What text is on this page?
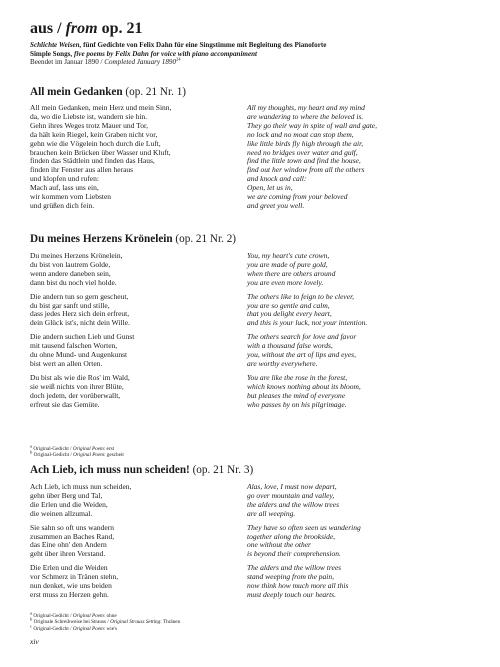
aus / from op. 21
Schlichte Weisen, fünf Gedichte von Felix Dahn für eine Singstimme mit Begleitung des Pianoforte
Simple Songs, five poems by Felix Dahn for voice with piano accompaniment
Beendet im Januar 1890 / Completed January 1890$^{24}$
All mein Gedanken (op. 21 Nr. 1)
All mein Gedanken, mein Herz und mein Sinn,
da, wo die Liebste ist, wandern sie hin.
Gehn ihres Weges trotz Mauer und Tor,
da hält kein Riegel, kein Graben nicht vor,
gehn wie die Vögelein hoch durch die Luft,
brauchen kein Brücken über Wasser und Kluft,
finden das Städtlein und finden das Haus,
finden ihr Fenster aus allen heraus
und klopfen und rufen:
Mach auf, lass uns ein,
wir kommen vom Liebsten
und grüßen dich fein.
All my thoughts, my heart and my mind
are wandering to where the beloved is.
They go their way in spite of wall and gate,
no lock and no moat can stop them,
like little birds fly high through the air,
need no bridges over water and gulf,
find the little town and find the house,
find out her window from all the others
and knock and call:
Open, let us in,
we are coming from your beloved
and greet you well.
Du meines Herzens Krönelein (op. 21 Nr. 2)
Du meines Herzens Krönelein,
du bist von lautrem Golde,
wenn andere daneben sein,
dann bist du noch viel holde.
Die andern tun so gern gescheut,
du bist gar sanft und stille,
dass jedes Herz sich dein erfreut,
dein Glück ist's, nicht dein Wille.
Die andern suchen Lieb und Gunst
mit tausend falschen Worten,
du ohne Mund- und Augenkunst
bist wert an allen Orten.
Du bist als wie die Ros' im Wald,
sie weiß nichts von ihrer Blüte,
doch jedem, der vorüberwallt,
erfreut sie das Gemüte.
You, my heart's cute crown,
you are made of pure gold,
when there are others around
you are even more lovely.
The others like to feign to be clever,
you are so gentle and calm,
that you delight every heart,
and this is your luck, not your intention.
The others search for love and favor
with a thousand false words,
you, without the art of lips and eyes,
are worthy everywhere.
You are like the rose in the forest,
which knows nothing about its bloom,
but pleases the mind of everyone
who passes by on his pilgrimage.
a Original-Gedicht / Original Poem: erst
b Original-Gedicht / Original Poem: gescheit
Ach Lieb, ich muss nun scheiden! (op. 21 Nr. 3)
Ach Lieb, ich muss nun scheiden,
gehn über Berg und Tal,
die Erlen und die Weiden,
die weinen allzumal.
Sie sahn so oft uns wandern
zusammen an Baches Rand,
das Eine ohn' den Andern
geht über ihren Verstand.
Die Erlen und die Weiden
vor Schmerz in Tränen stehn,
nun denket, wie uns beiden
erst muss zu Herzen gehn.
Alas, love, I must now depart,
go over mountain and valley,
the alders and the willow trees
are all weeping.
They have so often seen us wandering
together along the brookside,
one without the other
is beyond their comprehension.
The alders and the willow trees
stand weeping from the pain,
now think how much more all this
must deeply touch our hearts.
a Original-Gedicht / Original Poem: ohne
b Originale Schreibweise bei Strauss / Original Strauss Setting: Thränen
c Original-Gedicht / Original Poem: wie's
xiv
